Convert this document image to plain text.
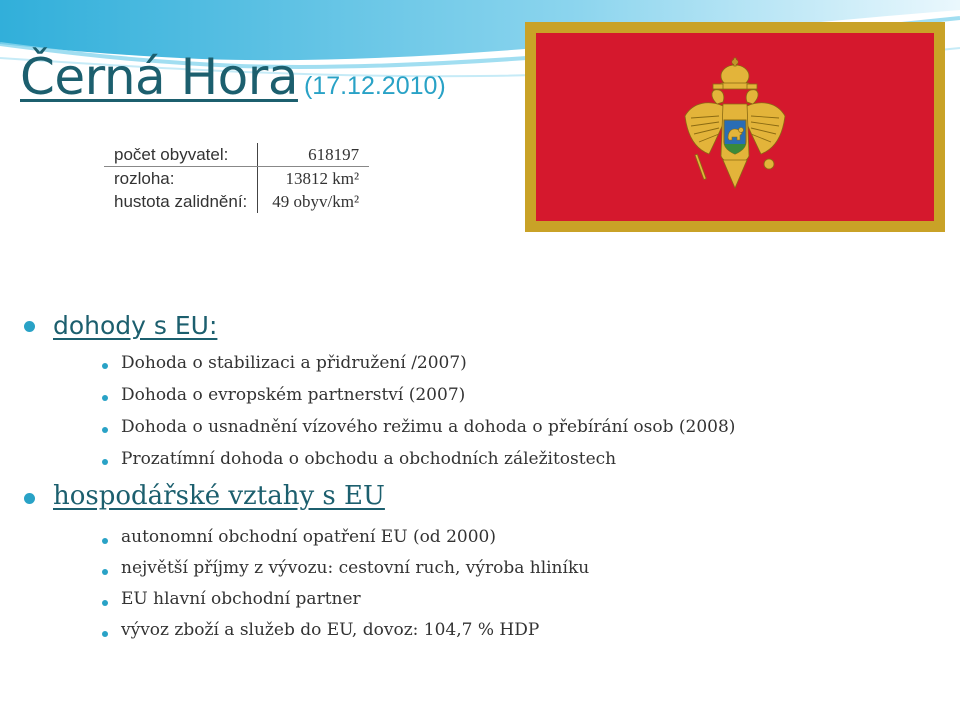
Černá Hora (17.12.2010)
počet obyvatel:	618197
rozloha:	13812 km²
hustota zalidnění:	49 obyv/km²
dohody s EU:
Dohoda o stabilizaci a přidružení /2007)
Dohoda o evropském partnerství (2007)
Dohoda o usnadnění vízového režimu a dohoda o přebírání osob (2008)
Prozatímní dohoda o obchodu a obchodních záležitostech
hospodářské vztahy s EU
autonomní obchodní opatření EU (od 2000)
největší příjmy z vývozu: cestovní ruch, výroba hliníku
EU hlavní obchodní partner
vývoz zboží a služeb do EU, dovoz: 104,7 % HDP
